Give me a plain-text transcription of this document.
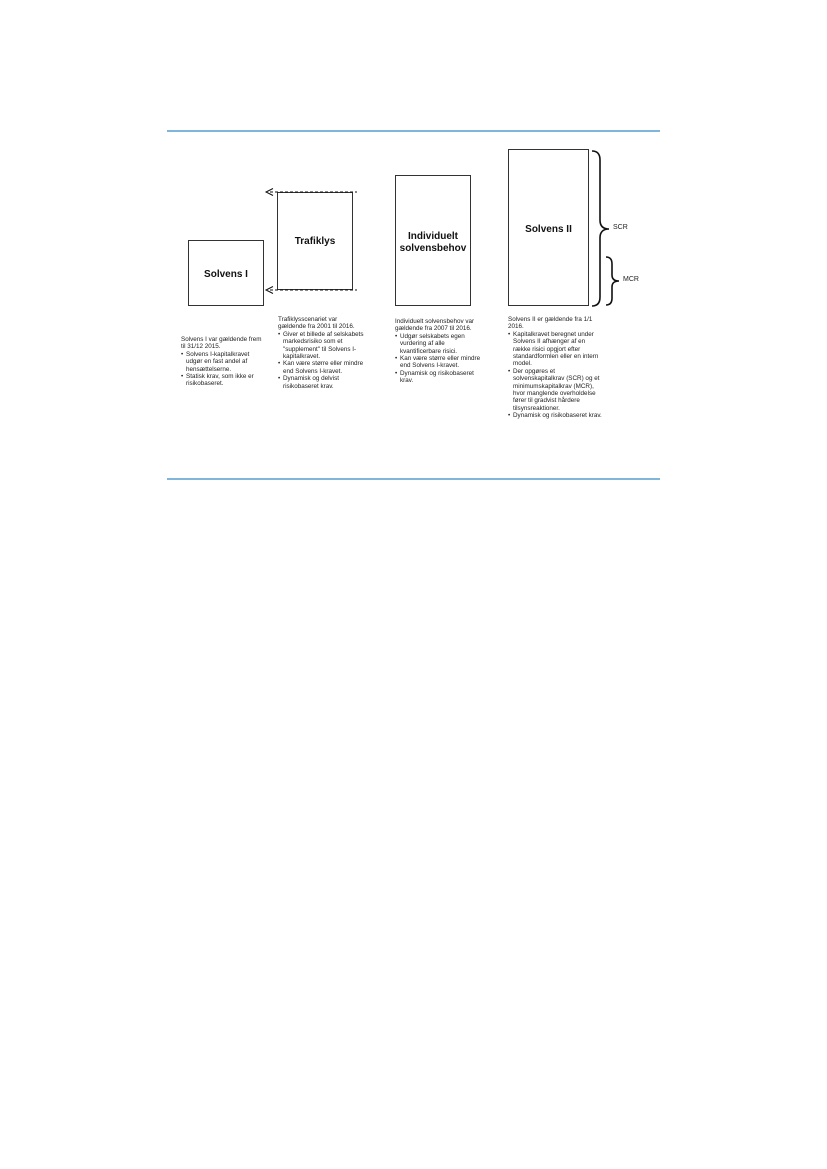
Solvens I
Trafiklys	Individuelt
solvensbehov
Solvens II	SCR
MCR

Solvens I var gældende frem til 31/12 2015.

• Solvens I-kapitalkravet udgør en fast andel af hensættelserne.
• Statisk krav, som ikke er risikobaseret.

Trafiklysscenariet var gældende fra 2001 til 2016.

• Giver et billede af selskabets markedsrisiko som et "supplement" til Solvens I-kapitalkravet.
• Kan være større eller mindre end Solvens I-kravet.
• Dynamisk og delvist risikobaseret krav.

Individuelt solvensbehov var gældende fra 2007 til 2016.

• Udgør selskabets egen vurdering af alle kvantificerbare risici.
• Kan være større eller mindre end Solvens I-kravet.
• Dynamisk og risikobaseret krav.

Solvens II er gældende fra 1/1 2016.

• Kapitalkravet beregnet under Solvens II afhænger af en række risici opgjort efter standardformlen eller en intern model.
• Der opgøres et solvenskapitalkrav (SCR) og et minimumskapitalkrav (MCR), hvor manglende overholdelse fører til gradvist hårdere tilsynsreaktioner.
• Dynamisk og risikobaseret krav.
